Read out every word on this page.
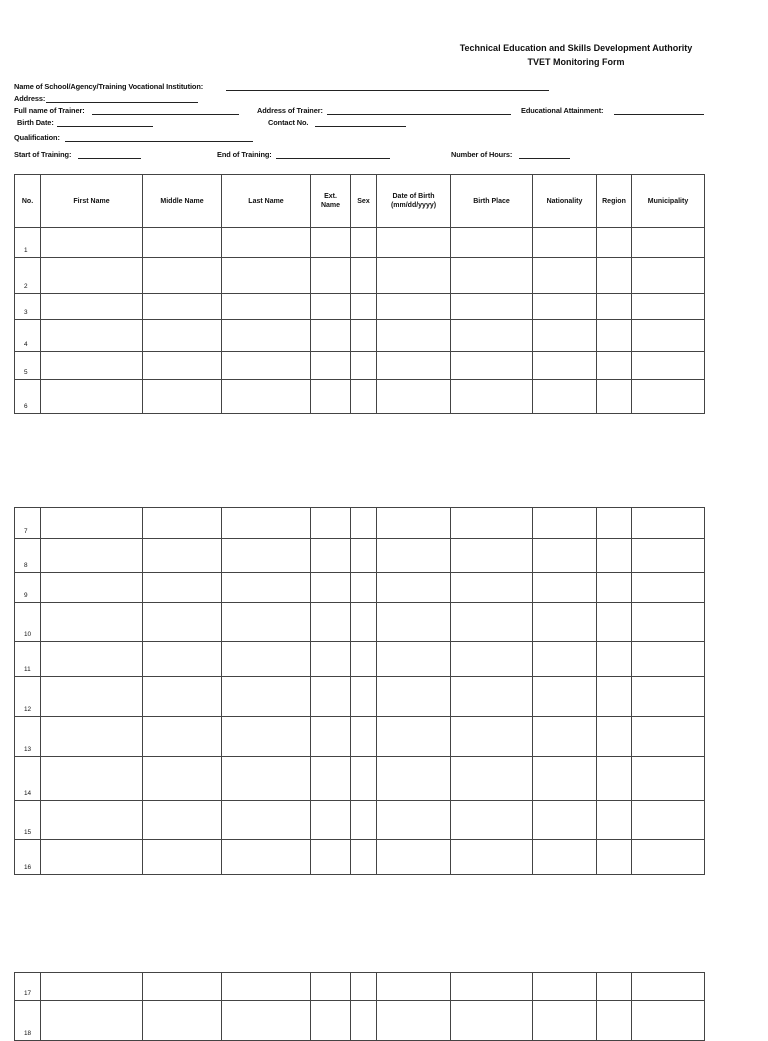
Technical Education and Skills Development Authority
TVET Monitoring Form
Name of School/Agency/Training Vocational Institution:
Address:
Full name of Trainer:	Address of Trainer:	Educational Attainment:
Birth Date:	Contact No.
Qualification:
Start of Training:	End of Training:	Number of Hours:
No.	First Name	Middle Name	Last Name	Ext. Name	Sex	Date of Birth (mm/dd/yyyy)	Birth Place	Nationality	Region	Municipality
1										
2										
3										
4										
5										
6										
7										
8										
9										
10										
11										
12										
13										
14										
15										
16										
17										
18										
